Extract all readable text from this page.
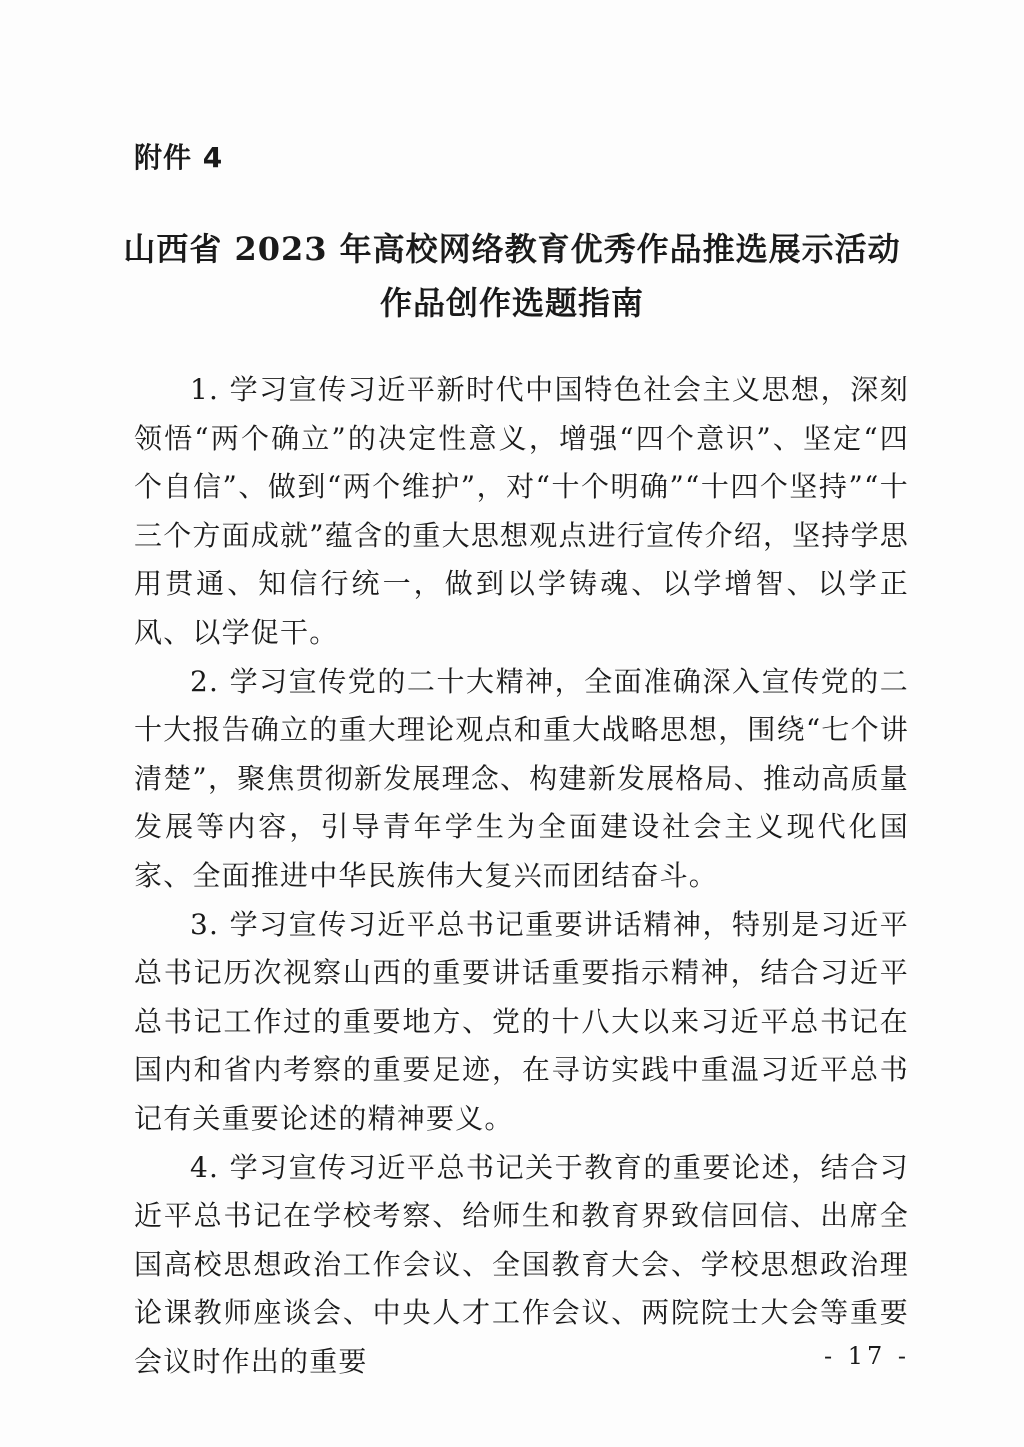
附件 4
山西省 2023 年高校网络教育优秀作品推选展示活动
作品创作选题指南

1. 学习宣传习近平新时代中国特色社会主义思想，深刻领悟“两个确立”的决定性意义，增强“四个意识”、坚定“四个自信”、做到“两个维护”，对“十个明确”“十四个坚持”“十三个方面成就”蕴含的重大思想观点进行宣传介绍，坚持学思用贯通、知信行统一，做到以学铸魂、以学增智、以学正风、以学促干。

2. 学习宣传党的二十大精神，全面准确深入宣传党的二十大报告确立的重大理论观点和重大战略思想，围绕“七个讲清楚”，聚焦贯彻新发展理念、构建新发展格局、推动高质量发展等内容，引导青年学生为全面建设社会主义现代化国家、全面推进中华民族伟大复兴而团结奋斗。

3. 学习宣传习近平总书记重要讲话精神，特别是习近平总书记历次视察山西的重要讲话重要指示精神，结合习近平总书记工作过的重要地方、党的十八大以来习近平总书记在国内和省内考察的重要足迹，在寻访实践中重温习近平总书记有关重要论述的精神要义。

4. 学习宣传习近平总书记关于教育的重要论述，结合习近平总书记在学校考察、给师生和教育界致信回信、出席全国高校思想政治工作会议、全国教育大会、学校思想政治理论课教师座谈会、中央人才工作会议、两院院士大会等重要会议时作出的重要	- 17 -
